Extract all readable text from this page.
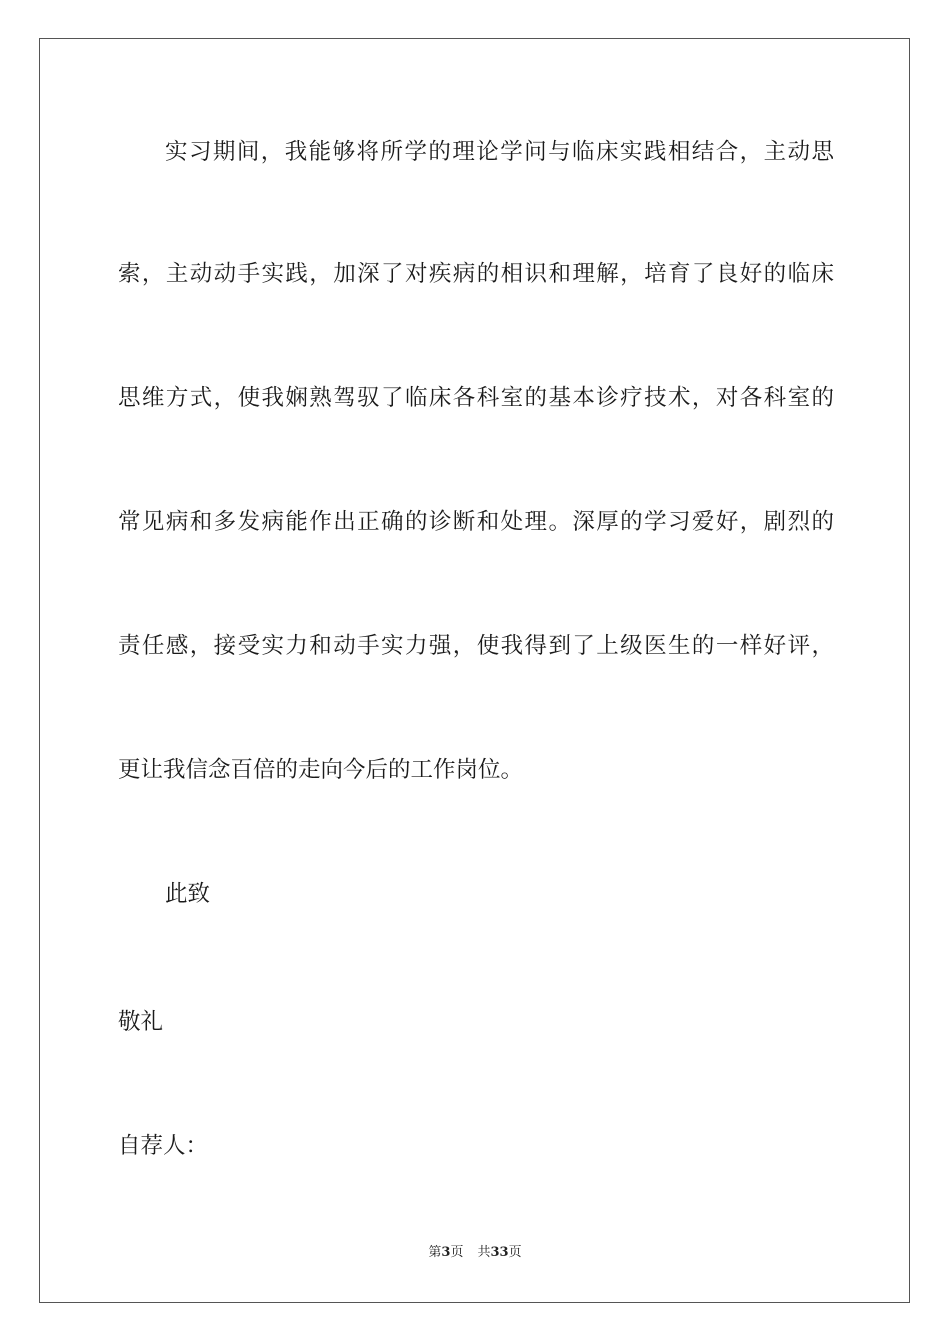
实习期间，我能够将所学的理论学问与临床实践相结合，主动思
索，主动动手实践，加深了对疾病的相识和理解，培育了良好的临床
思维方式，使我娴熟驾驭了临床各科室的基本诊疗技术，对各科室的
常见病和多发病能作出正确的诊断和处理。深厚的学习爱好，剧烈的
责任感，接受实力和动手实力强，使我得到了上级医生的一样好评，
更让我信念百倍的走向今后的工作岗位。
此致
敬礼
自荐人：
第3页 共33页
